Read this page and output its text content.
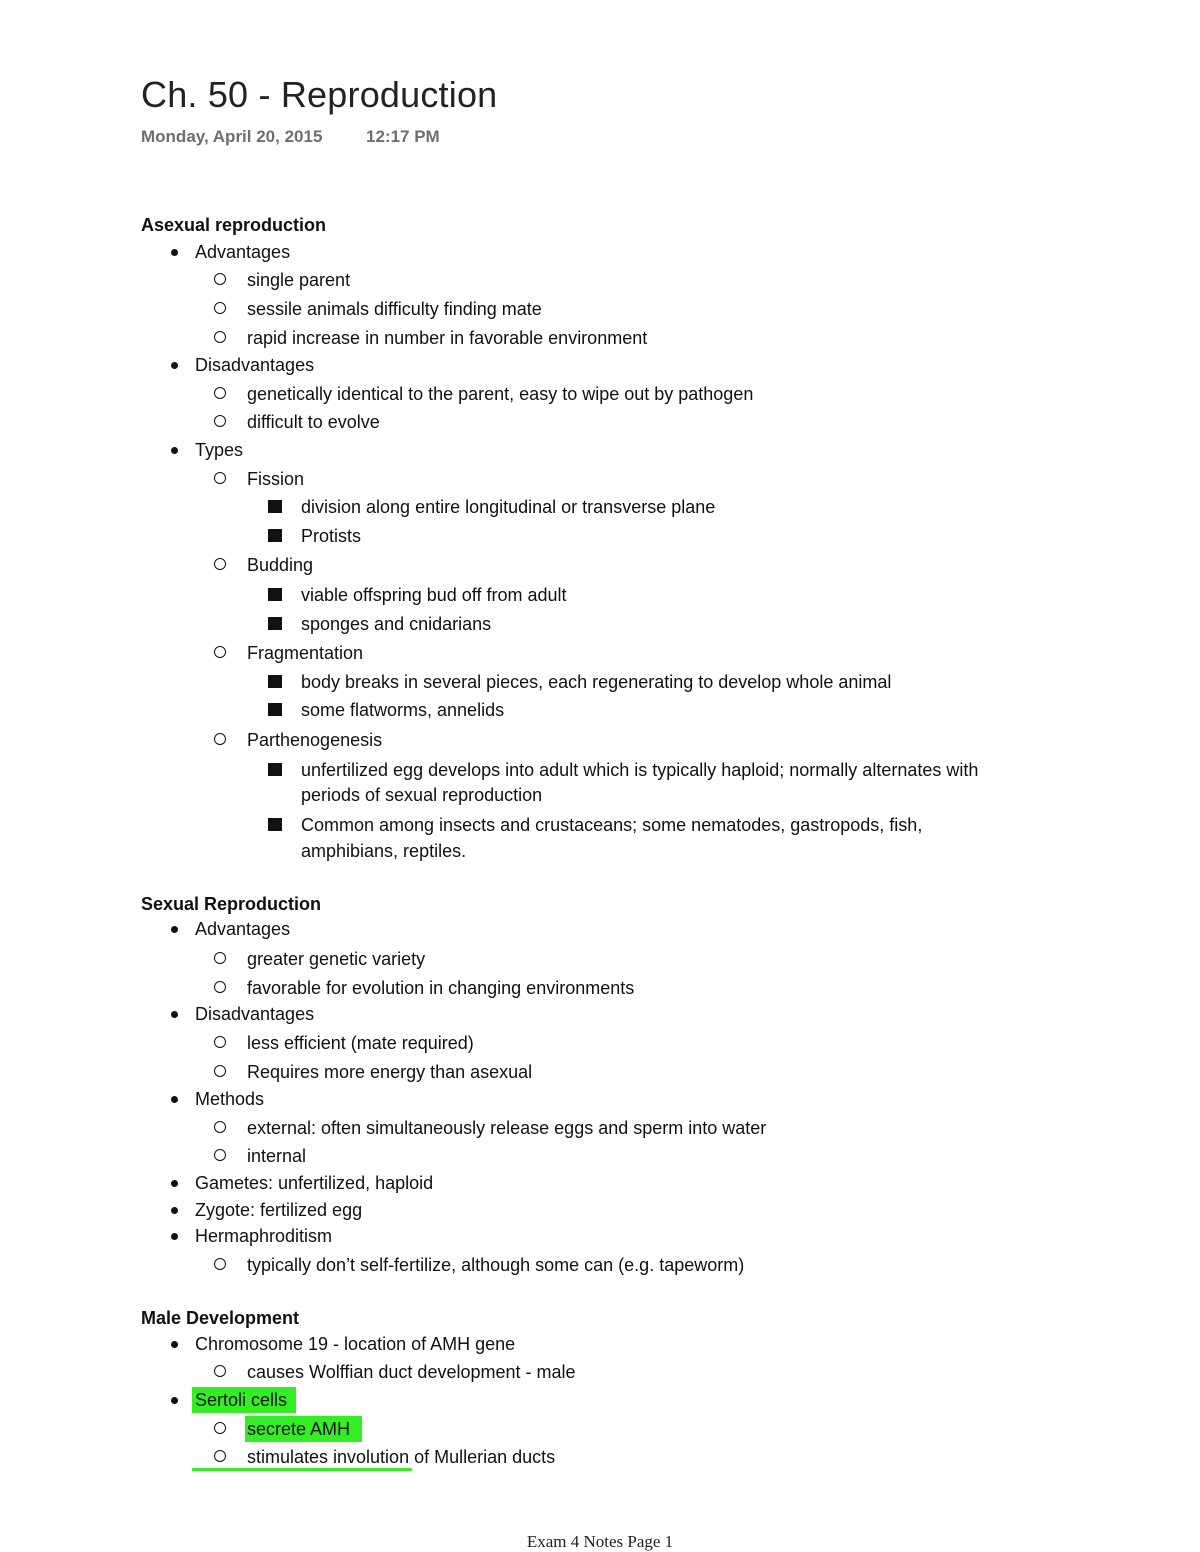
Ch. 50 - Reproduction
Monday, April 20, 2015	12:17 PM
Asexual reproduction
Advantages
single parent
sessile animals difficulty finding mate
rapid increase in number in favorable environment
Disadvantages
genetically identical to the parent, easy to wipe out by pathogen
difficult to evolve
Types
Fission
division along entire longitudinal or transverse plane
Protists
Budding
viable offspring bud off from adult
sponges and cnidarians
Fragmentation
body breaks in several pieces, each regenerating to develop whole animal
some flatworms, annelids
Parthenogenesis
unfertilized egg develops into adult which is typically haploid; normally alternates with
periods of sexual reproduction
Common among insects and crustaceans; some nematodes, gastropods, fish,
amphibians, reptiles.
Sexual Reproduction
Advantages
greater genetic variety
favorable for evolution in changing environments
Disadvantages
less efficient (mate required)
Requires more energy than asexual
Methods
external: often simultaneously release eggs and sperm into water
internal
Gametes: unfertilized, haploid
Zygote: fertilized egg
Hermaphroditism
typically don’t self-fertilize, although some can (e.g. tapeworm)
Male Development
Chromosome 19 - location of AMH gene
causes Wolffian duct development - male
Sertoli cells
secrete AMH
stimulates involution of Mullerian ducts
Exam 4 Notes Page 1
